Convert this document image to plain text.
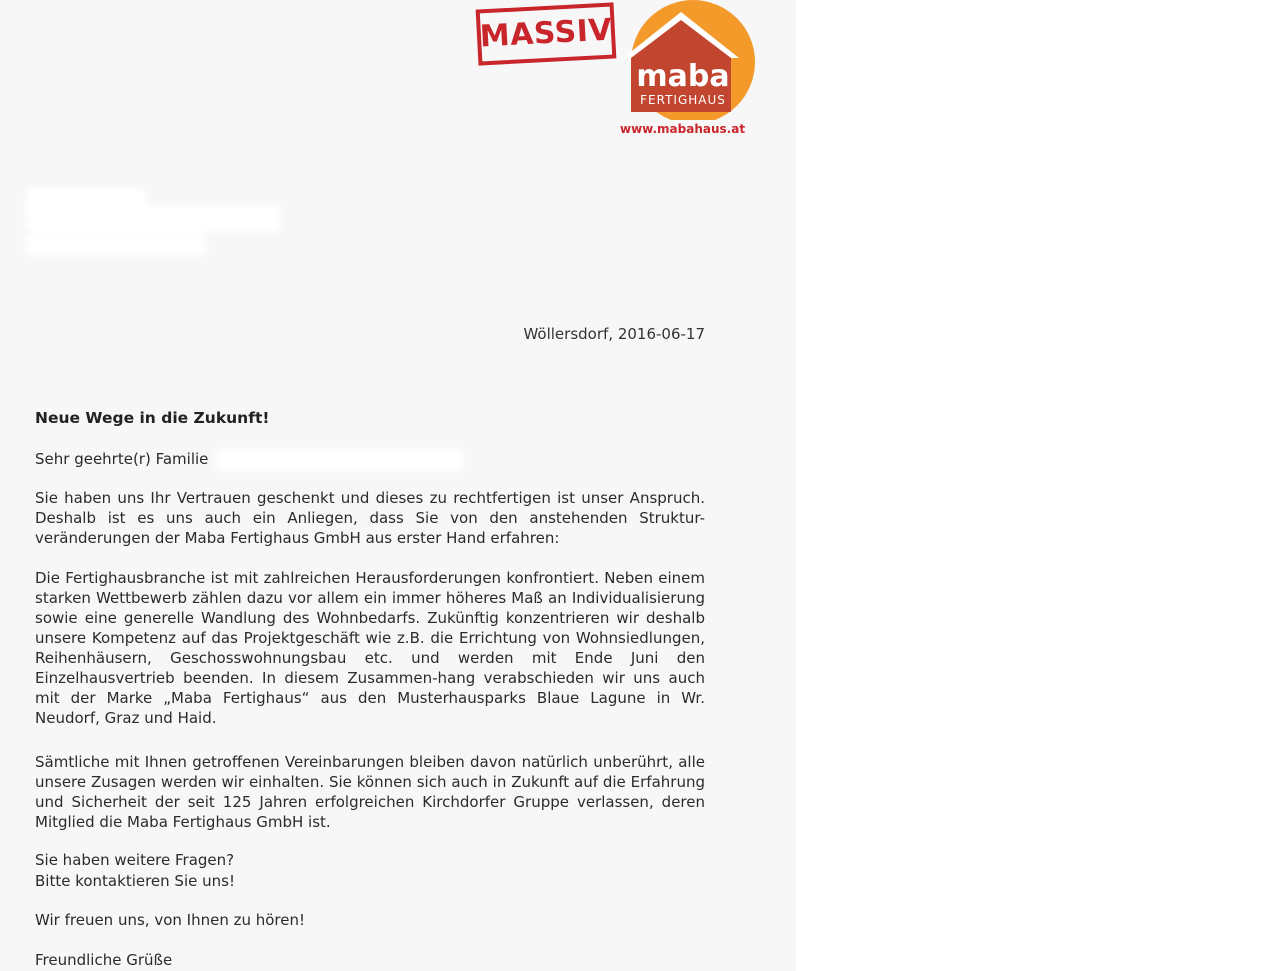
MASSIV
maba
FERTIGHAUS
www.mabahaus.at
Wöllersdorf, 2016-06-17
Neue Wege in die Zukunft!
Sehr geehrte(r) Familie

Sie haben uns Ihr Vertrauen geschenkt und dieses zu rechtfertigen ist unser Anspruch. Deshalb ist es uns auch ein Anliegen, dass Sie von den anstehenden Struktur-veränderungen der Maba Fertighaus GmbH aus erster Hand erfahren:

Die Fertighausbranche ist mit zahlreichen Herausforderungen konfrontiert. Neben einem starken Wettbewerb zählen dazu vor allem ein immer höheres Maß an Individualisierung sowie eine generelle Wandlung des Wohnbedarfs. Zukünftig konzentrieren wir deshalb unsere Kompetenz auf das Projektgeschäft wie z.B. die Errichtung von Wohnsiedlungen, Reihenhäusern, Geschosswohnungsbau etc. und werden mit Ende Juni den Einzelhausvertrieb beenden. In diesem Zusammen-hang verabschieden wir uns auch mit der Marke „Maba Fertighaus“ aus den Musterhausparks Blaue Lagune in Wr. Neudorf, Graz und Haid.

Sämtliche mit Ihnen getroffenen Vereinbarungen bleiben davon natürlich unberührt, alle unsere Zusagen werden wir einhalten. Sie können sich auch in Zukunft auf die Erfahrung und Sicherheit der seit 125 Jahren erfolgreichen Kirchdorfer Gruppe verlassen, deren Mitglied die Maba Fertighaus GmbH ist.

Sie haben weitere Fragen?
Bitte kontaktieren Sie uns!
Wir freuen uns, von Ihnen zu hören!
Freundliche Grüße
